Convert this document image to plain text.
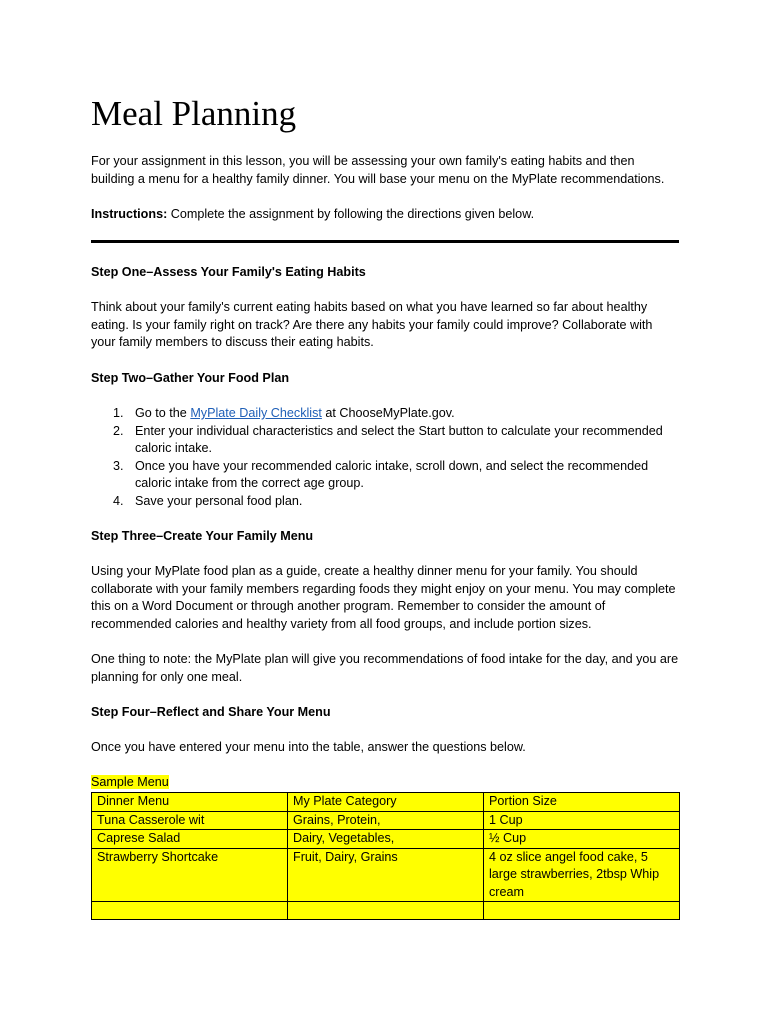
Meal Planning

For your assignment in this lesson, you will be assessing your own family's eating habits and then building a menu for a healthy family dinner. You will base your menu on the MyPlate recommendations.

Instructions: Complete the assignment by following the directions given below.

Step One–Assess Your Family's Eating Habits

Think about your family's current eating habits based on what you have learned so far about healthy eating. Is your family right on track? Are there any habits your family could improve? Collaborate with your family members to discuss their eating habits.

Step Two–Gather Your Food Plan

1. Go to the MyPlate Daily Checklist at ChooseMyPlate.gov.
2. Enter your individual characteristics and select the Start button to calculate your recommended caloric intake.
3. Once you have your recommended caloric intake, scroll down, and select the recommended caloric intake from the correct age group.
4. Save your personal food plan.

Step Three–Create Your Family Menu

Using your MyPlate food plan as a guide, create a healthy dinner menu for your family. You should collaborate with your family members regarding foods they might enjoy on your menu. You may complete this on a Word Document or through another program. Remember to consider the amount of recommended calories and healthy variety from all food groups, and include portion sizes.

One thing to note: the MyPlate plan will give you recommendations of food intake for the day, and you are planning for only one meal.

Step Four–Reflect and Share Your Menu

Once you have entered your menu into the table, answer the questions below.

Sample Menu

Dinner Menu	My Plate Category	Portion Size
Tuna Casserole wit	Grains, Protein,	1 Cup
Caprese Salad	Dairy, Vegetables,	½ Cup
Strawberry Shortcake	Fruit, Dairy, Grains	4 oz slice angel food cake, 5 large strawberries, 2tbsp Whip cream
